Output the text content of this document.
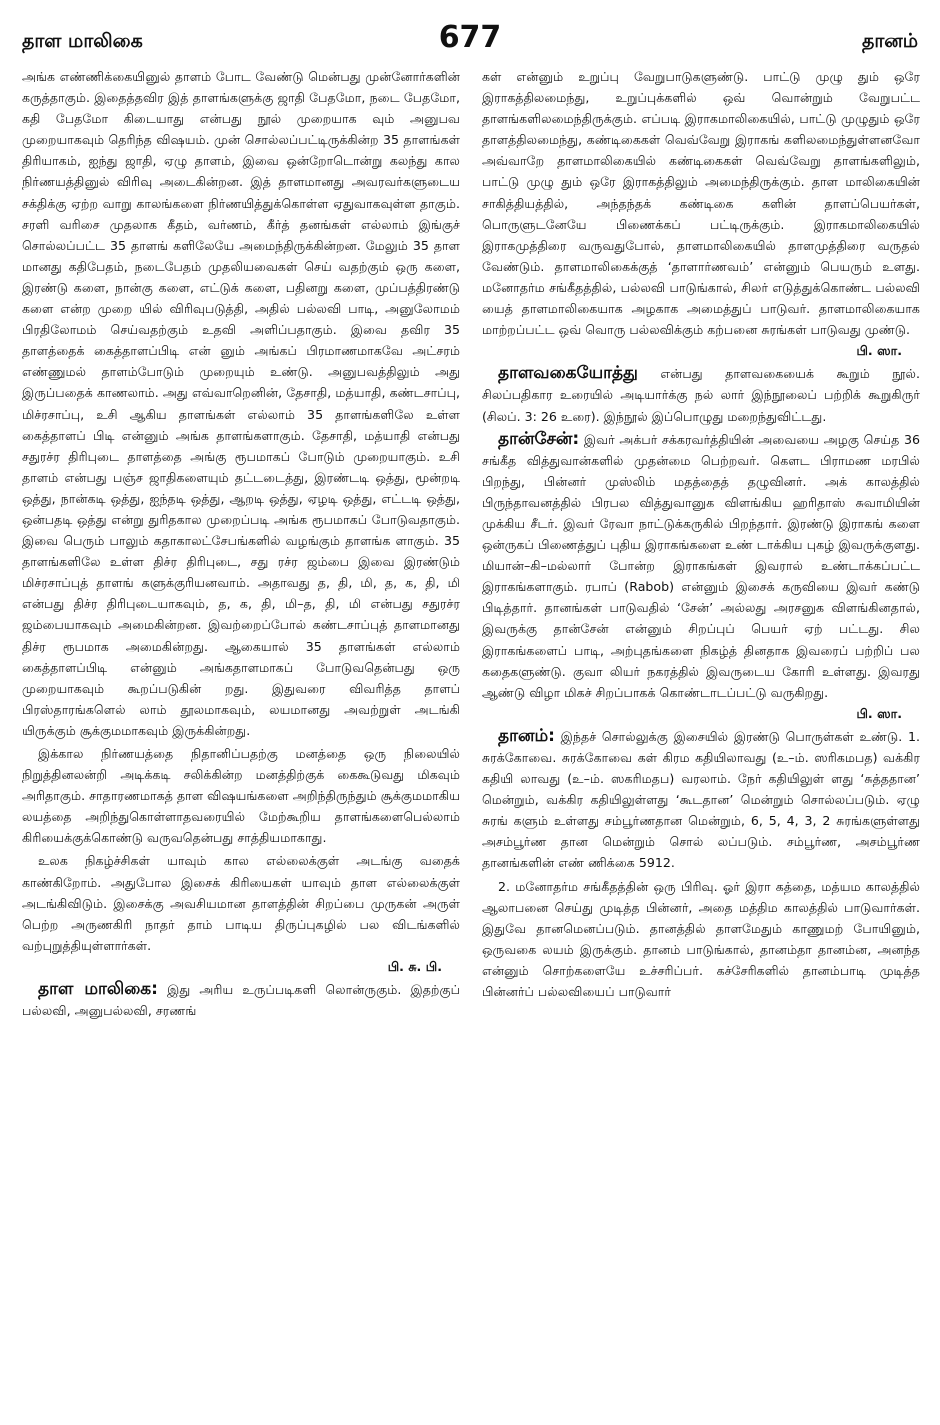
தாள மாலிகை	677	தானம்

அங்க எண்ணிக்கையினுல் தாளம் போட வேண்டு மென்பது முன்னோர்களின் கருத்தாகும். இதைத்தவிர இத் தாளங்களுக்கு ஜாதி பேதமோ, நடை பேதமோ, கதி பேதமோ கிடையாது என்பது நூல் முறையாக வும் அனுபவ முறையாகவும் தெரிந்த விஷயம். முன் சொல்லப்பட்டிருக்கின்ற 35 தாளங்கள் திரியாகம், ஐந்து ஜாதி, ஏழு தாளம், இவை ஒன்றோடொன்று கலந்து கால நிர்ணயத்தினுல் விரிவு அடைகின்றன. இத் தாளமானது அவரவர்களுடைய சக்திக்கு ஏற்ற வாறு காலங்களை நிர்ணயித்துக்கொள்ள ஏதுவாகவுள்ள தாகும். சரளி வரிசை முதலாக கீதம், வர்ணம், கீர்த் தனங்கள் எல்லாம் இங்குச் சொல்லப்பட்ட 35 தாளங் களிலேயே அமைந்திருக்கின்றன. மேலும் 35 தாள மானது கதிபேதம், நடைபேதம் முதலியவைகள் செய் வதற்கும் ஒரு களை, இரண்டு களை, நான்கு களை, எட்டுக் களை, பதினறு களை, முப்பத்திரண்டு களை என்ற முறை யில் விரிவுபடுத்தி, அதில் பல்லவி பாடி, அனுலோமம் பிரதிலோமம் செய்வதற்கும் உதவி அளிப்பதாகும். இவை தவிர 35 தாளத்தைக் கைத்தாளப்பிடி என் னும் அங்கப் பிரமாணமாகவே அட்சரம் எண்ணுமல் தாளம்போடும் முறையும் உண்டு. அனுபவத்திலும் அது இருப்பதைக் காணலாம். அது எவ்வாறெனின், தேசாதி, மத்யாதி, கண்டசாப்பு, மிச்ரசாப்பு, உசி ஆகிய தாளங்கள் எல்லாம் 35 தாளங்களிலே உள்ள கைத்தாளப் பிடி என்னும் அங்க தாளங்களாகும். தேசாதி, மத்யாதி என்பது சதுரச்ர திரிபுடை தாளத்தை அங்கு ரூபமாகப் போடும் முறையாகும். உசி தாளம் என்பது பஞ்ச ஜாதிகளையும் தட்டடைத்து, இரண்டடி ஒத்து, மூன்றடி ஒத்து, நான்கடி ஒத்து, ஐந்தடி ஒத்து, ஆறடி ஒத்து, ஏழடி ஒத்து, எட்டடி ஒத்து, ஒன்பதடி ஒத்து என்று துரிதகால முறைப்படி அங்க ரூபமாகப் போடுவதாகும். இவை பெரும் பாலும் கதாகாலட்சேபங்களில் வழங்கும் தாளங்க ளாகும். 35 தாளங்களிலே உள்ள திச்ர திரிபுடை, சது ரச்ர ஜம்பை இவை இரண்டும் மிச்ரசாப்புத் தாளங் களுக்குரியனவாம். அதாவது த, தி, மி, த, க, தி, மி என்பது திச்ர திரிபுடையாகவும், த, க, தி, மி–த, தி, மி என்பது சதுரச்ர ஜம்பையாகவும் அமைகின்றன. இவற்றைப்போல் கண்டசாப்புத் தாளமானது திச்ர ரூபமாக அமைகின்றது. ஆகையால் 35 தாளங்கள் எல்லாம் கைத்தாளப்பிடி என்னும் அங்கதாளமாகப் போடுவதென்பது ஒரு முறையாகவும் கூறப்படுகின் றது. இதுவரை விவரித்த தாளப் பிரஸ்தாரங்களெல் லாம் தூலமாகவும், லயமானது அவற்றுள் அடங்கி யிருக்கும் சூக்குமமாகவும் இருக்கின்றது.

இக்கால நிர்ணயத்தை நிதானிப்பதற்கு மனத்தை ஒரு நிலையில் நிறுத்தினலன்றி அடிக்கடி சலிக்கின்ற மனத்திற்குக் கைகூடுவது மிகவும் அரிதாகும். சாதாரணமாகத் தாள விஷயங்களை அறிந்திருந்தும் சூக்குமமாகிய லயத்தை அறிந்துகொள்ளாதவரையில் மேற்கூறிய தாளங்களைபெல்லாம் கிரியைக்குக்கொண்டு வருவதென்பது சாத்தியமாகாது.

உலக நிகழ்ச்சிகள் யாவும் கால எல்லைக்குள் அடங்கு வதைக் காண்கிறோம். அதுபோல இசைக் கிரியைகள் யாவும் தாள எல்லைக்குள் அடங்கிவிடும். இசைக்கு அவசியமான தாளத்தின் சிறப்பை முருகன் அருள் பெற்ற அருணகிரி நாதர் தாம் பாடிய திருப்புகழில் பல விடங்களில் வற்புறுத்தியுள்ளார்கள்.
பி. சு. பி.

தாள மாலிகை: இது அரிய உருப்படிகளி லொன்ருகும். இதற்குப் பல்லவி, அனுபல்லவி, சரணங்

கள் என்னும் உறுப்பு வேறுபாடுகளுண்டு. பாட்டு முழு தும் ஒரே இராகத்திலமைந்து, உறுப்புக்களில் ஒவ் வொன்றும் வேறுபட்ட தாளங்களிலமைந்திருக்கும். எப்படி இராகமாலிகையில், பாட்டு முழுதும் ஒரே தாளத்திலமைந்து, கண்டிகைகள் வெவ்வேறு இராகங் களிலமைந்துள்ளனவோ அவ்வாறே தாளமாலிகையில் கண்டிகைகள் வெவ்வேறு தாளங்களிலும், பாட்டு முழு தும் ஒரே இராகத்திலும் அமைந்திருக்கும். தாள மாலிகையின் சாகித்தியத்தில், அந்தந்தக் கண்டிகை களின் தாளப்பெயர்கள், பொருளுடனேயே பிணைக்கப் பட்டிருக்கும். இராகமாலிகையில் இராகமுத்திரை வருவதுபோல், தாளமாலிகையில் தாளமுத்திரை வருதல் வேண்டும். தாளமாலிகைக்குத் ‘தாளார்ணவம்’ என்னும் பெயரும் உளது. மனோதர்ம சங்கீதத்தில், பல்லவி பாடுங்கால், சிலர் எடுத்துக்கொண்ட பல்லவி யைத் தாளமாலிகையாக அழகாக அமைத்துப் பாடுவர். தாளமாலிகையாக மாற்றப்பட்ட ஒவ் வொரு பல்லவிக்கும் கற்பனை சுரங்கள் பாடுவது முண்டு.
பி. ஸா.

தாளவகையோத்து என்பது தாளவகையைக் கூறும் நூல். சிலப்பதிகார உரையில் அடியார்க்கு நல் லார் இந்நூலைப் பற்றிக் கூறுகிருர் (சிலப். 3: 26 உரை). இந்நூல் இப்பொழுது மறைந்துவிட்டது.

தான்சேன்: இவர் அக்பர் சக்கரவர்த்தியின் அவையை அழகு செய்த 36 சங்கீத வித்துவான்களில் முதன்மை பெற்றவர். கௌட பிராமண மரபில் பிறந்து, பின்னர் முஸ்லிம் மதத்தைத் தழுவினர். அக் காலத்தில் பிருந்தாவனத்தில் பிரபல வித்துவானுக விளங்கிய ஹரிதாஸ் சுவாமியின் முக்கிய சீடர். இவர் ரேவா நாட்டுக்கருகில் பிறந்தார். இரண்டு இராகங் களை ஒன்ருகப் பிணைத்துப் புதிய இராகங்களை உண் டாக்கிய புகழ் இவருக்குளது. மியான்–கி–மல்லார் போன்ற இராகங்கள் இவரால் உண்டாக்கப்பட்ட இராகங்களாகும். ரபாப் (Rabob) என்னும் இசைக் கருவியை இவர் கண்டு பிடித்தார். தானங்கள் பாடுவதில் ‘சேன்’ அல்லது அரசனுக விளங்கினதால், இவருக்கு தான்சேன் என்னும் சிறப்புப் பெயர் ஏற் பட்டது. சில இராகங்களைப் பாடி, அற்புதங்களை நிகழ்த் தினதாக இவரைப் பற்றிப் பல கதைகளுண்டு. குவா லியர் நகரத்தில் இவருடைய கோரி உள்ளது. இவரது ஆண்டு விழா மிகச் சிறப்பாகக் கொண்டாடப்பட்டு வருகிறது.
பி. ஸா.

தானம்: இந்தச் சொல்லுக்கு இசையில் இரண்டு பொருள்கள் உண்டு. 1. சுரக்கோவை. சுரக்கோவை கள் கிரம கதியிலாவது (உ–ம். ஸரிகமபத) வக்கிர கதியி லாவது (உ–ம். ஸகரிமதப) வரலாம். நேர் கதியிலுள் ளது ‘சுத்ததான’ மென்றும், வக்கிர கதியிலுள்ளது ‘கூடதான’ மென்றும் சொல்லப்படும். ஏழு சுரங் களும் உள்ளது சம்பூர்ணதான மென்றும், 6, 5, 4, 3, 2 சுரங்களுள்ளது அசம்பூர்ண தான மென்றும் சொல் லப்படும். சம்பூர்ண, அசம்பூர்ண தானங்களின் எண் ணிக்கை 5912.

2. மனோதர்ம சங்கீதத்தின் ஒரு பிரிவு. ஓர் இரா கத்தை, மத்யம காலத்தில் ஆலாபனை செய்து முடித்த பின்னர், அதை மத்திம காலத்தில் பாடுவார்கள். இதுவே தானமெனப்படும். தானத்தில் தாளமேதும் காணுமற் போயினும், ஒருவகை லயம் இருக்கும். தானம் பாடுங்கால், தானம்தா தானம்ன, அனந்த என்னும் சொற்களையே உச்சரிப்பர். கச்சேரிகளில் தானம்பாடி முடித்த பின்னர்ப் பல்லவியைப் பாடுவார்
